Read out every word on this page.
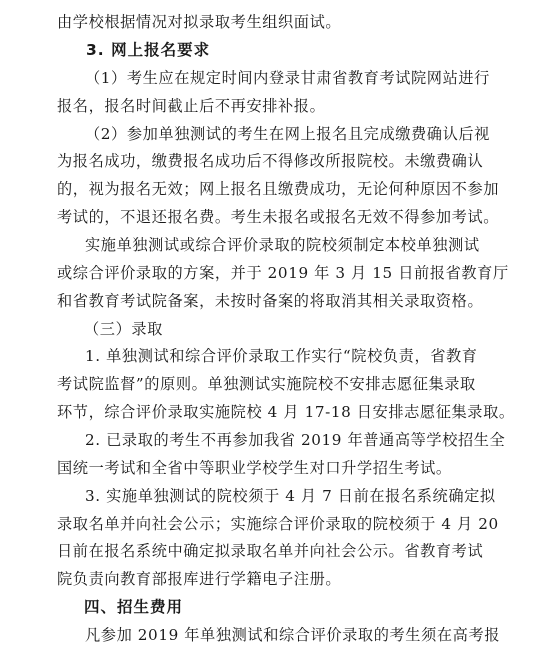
由学校根据情况对拟录取考生组织面试。
3. 网上报名要求
（1）考生应在规定时间内登录甘肃省教育考试院网站进行
报名，报名时间截止后不再安排补报。
（2）参加单独测试的考生在网上报名且完成缴费确认后视
为报名成功，缴费报名成功后不得修改所报院校。未缴费确认
的，视为报名无效；网上报名且缴费成功，无论何种原因不参加
考试的，不退还报名费。考生未报名或报名无效不得参加考试。
实施单独测试或综合评价录取的院校须制定本校单独测试
或综合评价录取的方案，并于 2019 年 3 月 15 日前报省教育厅
和省教育考试院备案，未按时备案的将取消其相关录取资格。
（三）录取
1. 单独测试和综合评价录取工作实行“院校负责，省教育
考试院监督”的原则。单独测试实施院校不安排志愿征集录取
环节，综合评价录取实施院校 4 月 17-18 日安排志愿征集录取。
2. 已录取的考生不再参加我省 2019 年普通高等学校招生全
国统一考试和全省中等职业学校学生对口升学招生考试。
3. 实施单独测试的院校须于 4 月 7 日前在报名系统确定拟
录取名单并向社会公示；实施综合评价录取的院校须于 4 月 20
日前在报名系统中确定拟录取名单并向社会公示。省教育考试
院负责向教育部报库进行学籍电子注册。
四、招生费用
凡参加 2019 年单独测试和综合评价录取的考生须在高考报
